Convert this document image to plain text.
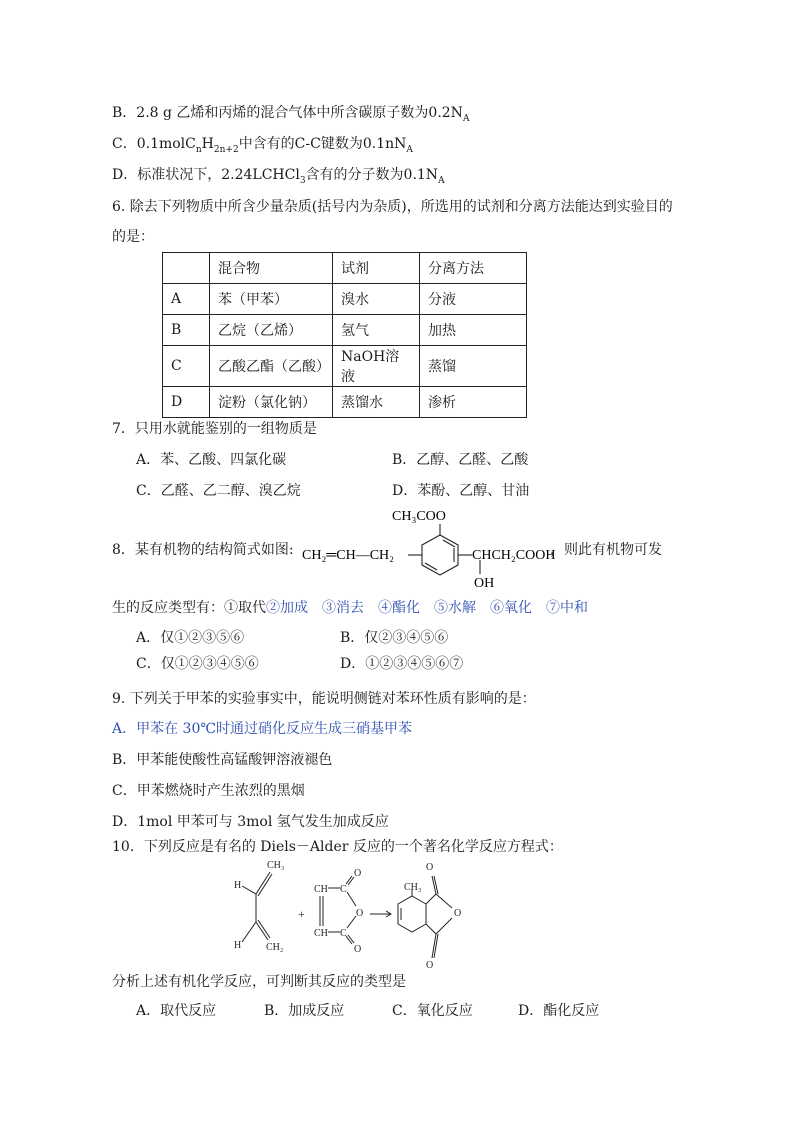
B．2.8 g 乙烯和丙烯的混合气体中所含碳原子数为$0.2N_A$
C．$0.1molC_nH_{2n+2}$中含有的C-C键数为$0.1nN_A$
D．标准状况下，2.24LCHCl$_3$含有的分子数为$0.1N_A$
6. 除去下列物质中所含少量杂质(括号内为杂质)，所选用的试剂和分离方法能达到实验目的
的是：
	混合物	试剂	分离方法
A	苯（甲苯）	溴水	分液
B	乙烷（乙烯）	氢气	加热
C	乙酸乙酯（乙酸）	NaOH溶液	蒸馏
D	淀粉（氯化钠）	蒸馏水	渗析
7．只用水就能鉴别的一组物质是
A．苯、乙酸、四氯化碳	B．乙醇、乙醛、乙酸
C．乙醛、乙二醇、溴乙烷	D．苯酚、乙醇、甘油
8．某有机物的结构简式如图:
CH₃COO
CH₂═CH—CH₂	CHCH₂COOH
OH
，则此有机物可发
生的反应类型有：①取代②加成　③消去　④酯化　⑤水解　⑥氧化　⑦中和
A．仅①②③⑤⑥	B．仅②③④⑤⑥
C．仅①②③④⑤⑥	D．①②③④⑤⑥⑦
9. 下列关于甲苯的实验事实中，能说明侧链对苯环性质有影响的是：
A．甲苯在 30℃时通过硝化反应生成三硝基甲苯
B．甲苯能使酸性高锰酸钾溶液褪色
C．甲苯燃烧时产生浓烈的黑烟
D．1mol 甲苯可与 3mol 氢气发生加成反应
10．下列反应是有名的 Diels－Alder 反应的一个著名化学反应方程式：
CH₃
H
H CH₂
+
CH
CH
C
C
O
O
O
CH₃
O
O
O
分析上述有机化学反应，可判断其反应的类型是
A．取代反应	B．加成反应	C．氧化反应	D．酯化反应
